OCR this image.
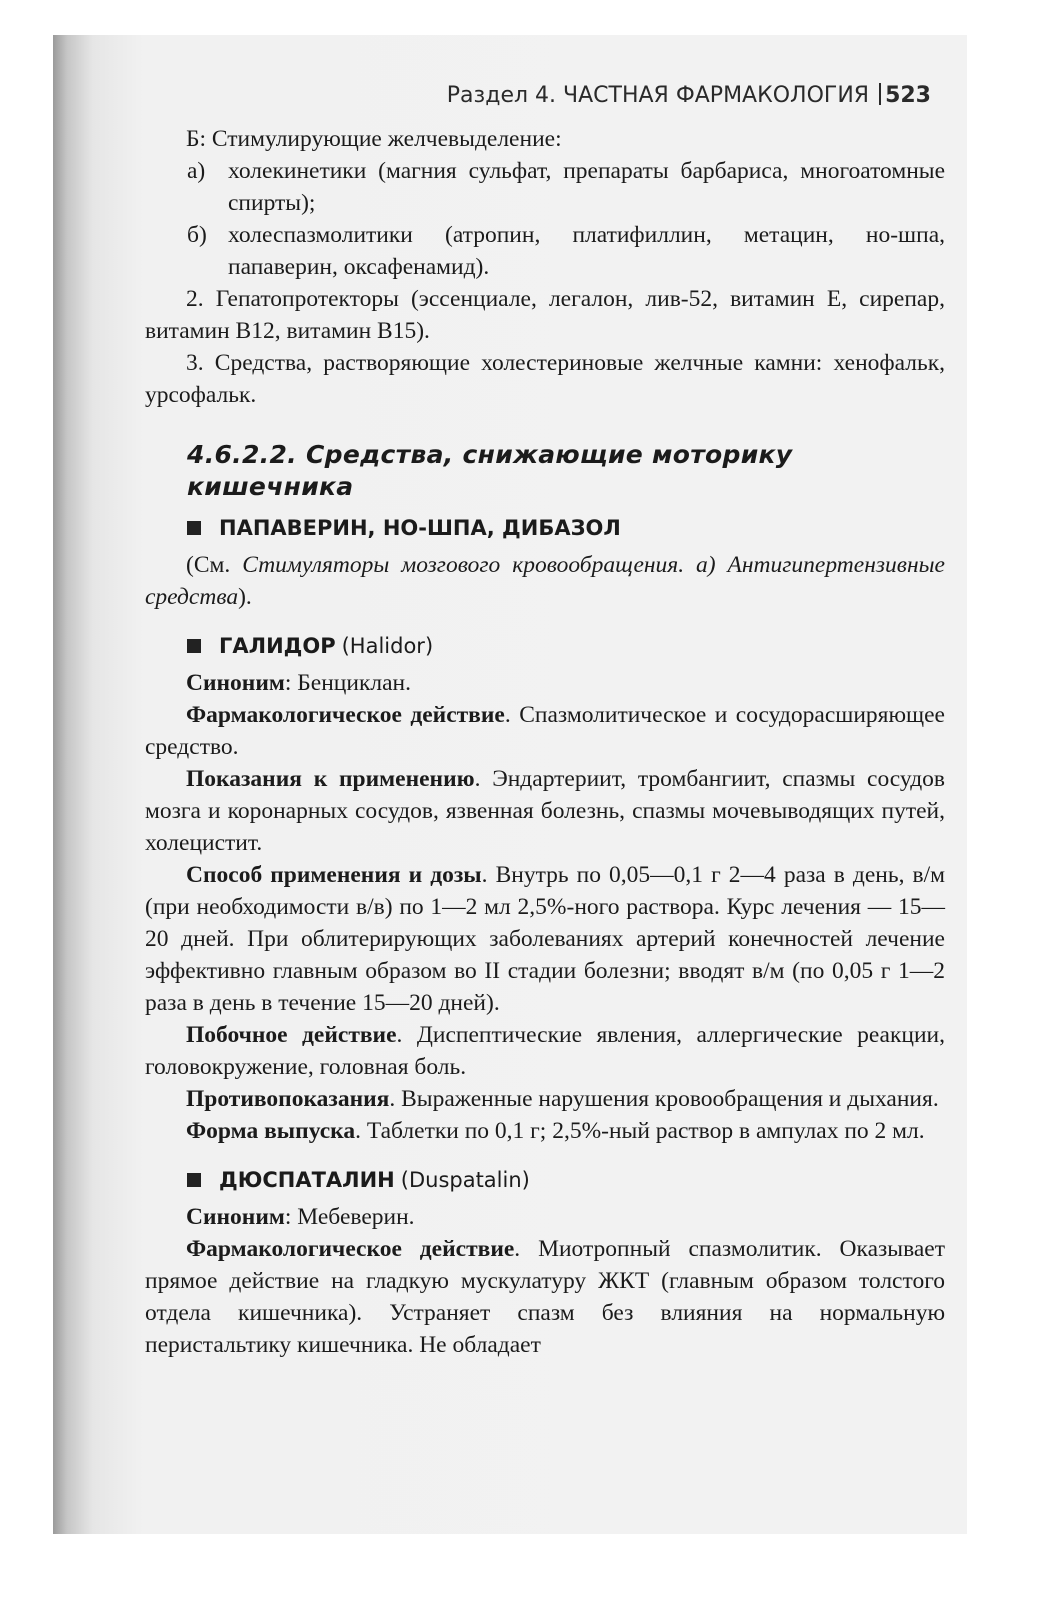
Раздел 4. ЧАСТНАЯ ФАРМАКОЛОГИЯ 523

Б: Стимулирующие желчевыделение:

а) холекинетики (магния сульфат, препараты барбариса, многоатомные спирты);

б) холеспазмолитики (атропин, платифиллин, метацин, но-шпа, папаверин, оксафенамид).

2. Гепатопротекторы (эссенциале, легалон, лив-52, витамин Е, сирепар, витамин В12, витамин В15).

3. Средства, растворяющие холестериновые желчные камни: хенофальк, урсофальк.

4.6.2.2. Средства, снижающие моторику кишечника
ПАПАВЕРИН, НО-ШПА, ДИБАЗОЛ

(См. Стимуляторы мозгового кровообращения. а) Антигипертензивные средства).

ГАЛИДОР (Halidor)

Синоним: Бенциклан.

Фармакологическое действие. Спазмолитическое и сосудорасширяющее средство.

Показания к применению. Эндартериит, тромбангиит, спазмы сосудов мозга и коронарных сосудов, язвенная болезнь, спазмы мочевыводящих путей, холецистит.

Способ применения и дозы. Внутрь по 0,05—0,1 г 2—4 раза в день, в/м (при необходимости в/в) по 1—2 мл 2,5%-ного раствора. Курс лечения — 15—20 дней. При облитерирующих заболеваниях артерий конечностей лечение эффективно главным образом во II стадии болезни; вводят в/м (по 0,05 г 1—2 раза в день в течение 15—20 дней).

Побочное действие. Диспептические явления, аллергические реакции, головокружение, головная боль.

Противопоказания. Выраженные нарушения кровообращения и дыхания.

Форма выпуска. Таблетки по 0,1 г; 2,5%-ный раствор в ампулах по 2 мл.

ДЮСПАТАЛИН (Duspatalin)

Синоним: Мебеверин.

Фармакологическое действие. Миотропный спазмолитик. Оказывает прямое действие на гладкую мускулатуру ЖКТ (главным образом толстого отдела кишечника). Устраняет спазм без влияния на нормальную перистальтику кишечника. Не обладает
